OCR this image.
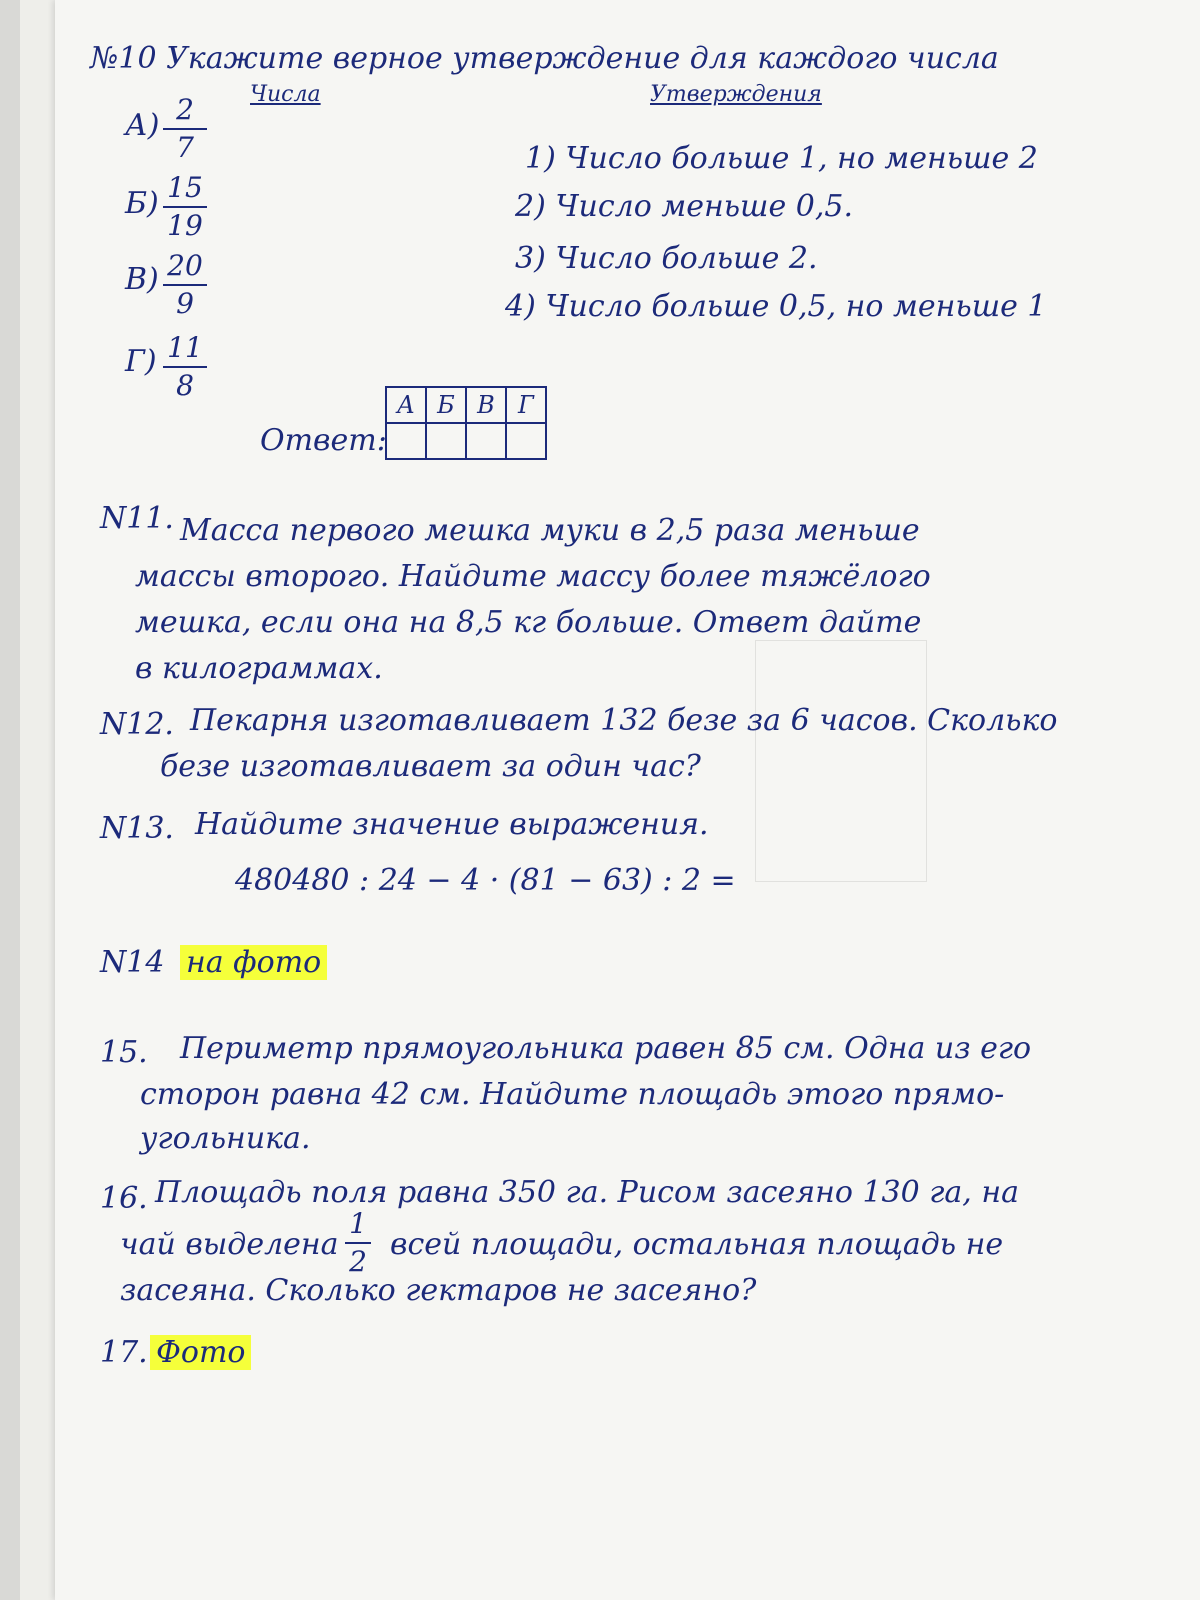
№10 Укажите верное утверждение для каждого числа
Числа	Утверждения
А) 2
7
Б) 15
19
В) 20
9
Г) 11
8
1) Число больше 1, но меньше 2
2) Число меньше 0,5.
3) Число больше 2.
4) Число больше 0,5, но меньше 1
Ответ:
А	Б	В	Г

N11. Масса первого мешка муки в 2,5 раза меньше
массы второго. Найдите массу более тяжёлого
мешка, если она на 8,5 кг больше. Ответ дайте
в килограммах.
N12. Пекарня изготавливает 132 безе за 6 часов. Сколько
безе изготавливает за один час?
N13. Найдите значение выражения.
480480 : 24 − 4 · (81 − 63) : 2 =
N14 на фото
15. Периметр прямоугольника равен 85 см. Одна из его
сторон равна 42 см. Найдите площадь этого прямо-
угольника.
16. Площадь поля равна 350 га. Рисом засеяно 130 га, на
чай выделена
1
2 всей площади, остальная площадь не
засеяна. Сколько гектаров не засеяно?
17. Фото
